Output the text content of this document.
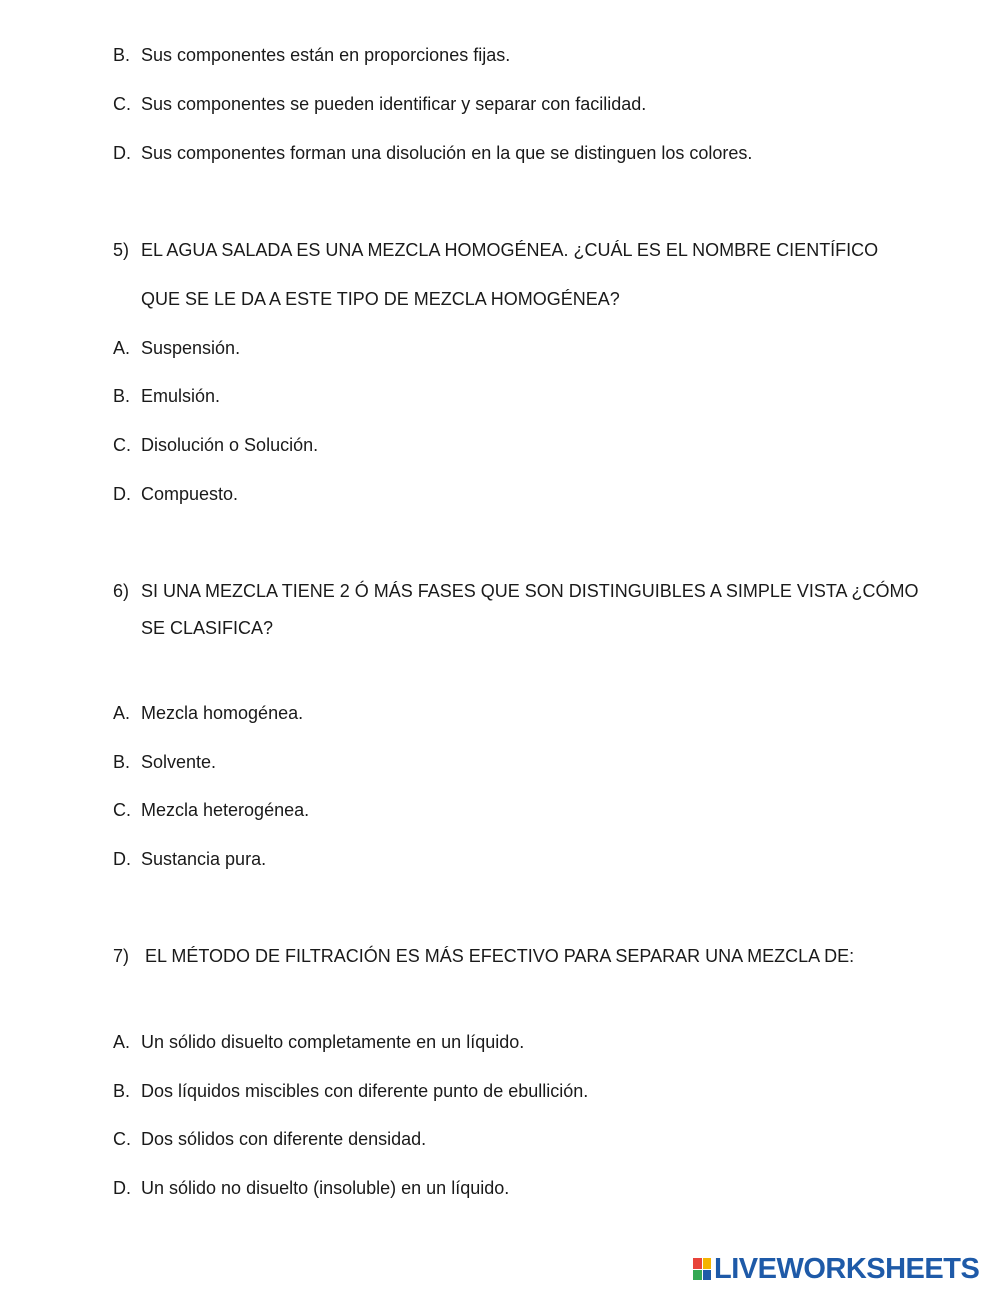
B. Sus componentes están en proporciones fijas.
C. Sus componentes se pueden identificar y separar con facilidad.
D. Sus componentes forman una disolución en la que se distinguen los colores.
5) EL AGUA SALADA ES UNA MEZCLA HOMOGÉNEA. ¿CUÁL ES EL NOMBRE CIENTÍFICO
QUE SE LE DA A ESTE TIPO DE MEZCLA HOMOGÉNEA?
A. Suspensión.
B. Emulsión.
C. Disolución o Solución.
D. Compuesto.
6) SI UNA MEZCLA TIENE 2 Ó MÁS FASES QUE SON DISTINGUIBLES A SIMPLE VISTA ¿CÓMO
SE CLASIFICA?
A. Mezcla homogénea.
B. Solvente.
C. Mezcla heterogénea.
D. Sustancia pura.
7) EL MÉTODO DE FILTRACIÓN ES MÁS EFECTIVO PARA SEPARAR UNA MEZCLA DE:
A. Un sólido disuelto completamente en un líquido.
B. Dos líquidos miscibles con diferente punto de ebullición.
C. Dos sólidos con diferente densidad.
D. Un sólido no disuelto (insoluble) en un líquido.
LIVEWORKSHEETS
